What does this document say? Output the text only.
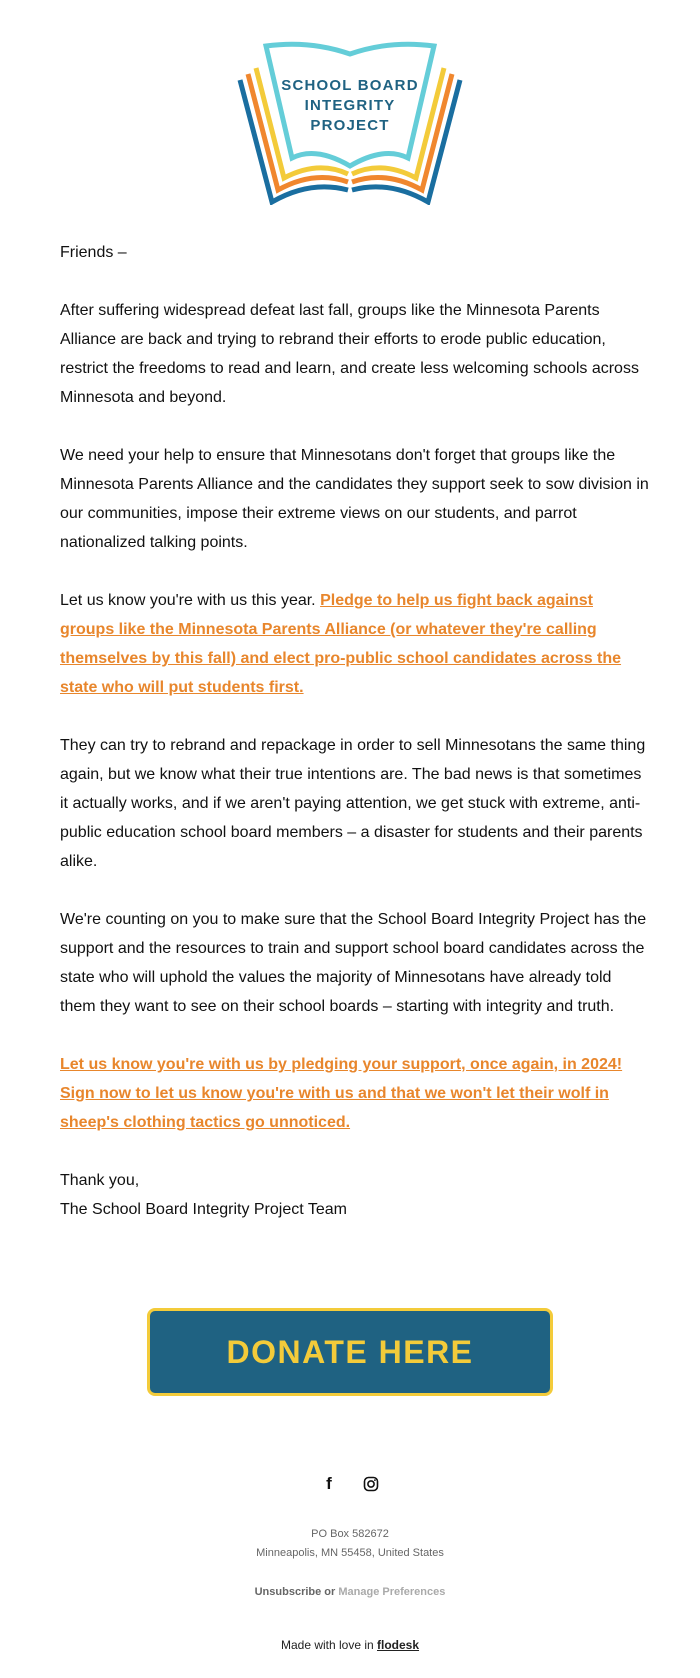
SCHOOL BOARD
INTEGRITY
PROJECT

Friends –

After suffering widespread defeat last fall, groups like the Minnesota Parents Alliance are back and trying to rebrand their efforts to erode public education, restrict the freedoms to read and learn, and create less welcoming schools across Minnesota and beyond.

We need your help to ensure that Minnesotans don't forget that groups like the Minnesota Parents Alliance and the candidates they support seek to sow division in our communities, impose their extreme views on our students, and parrot nationalized talking points.

Let us know you're with us this year. Pledge to help us fight back against groups like the Minnesota Parents Alliance (or whatever they're calling themselves by this fall) and elect pro-public school candidates across the state who will put students first.

They can try to rebrand and repackage in order to sell Minnesotans the same thing again, but we know what their true intentions are. The bad news is that sometimes it actually works, and if we aren't paying attention, we get stuck with extreme, anti-public education school board members – a disaster for students and their parents alike.

We're counting on you to make sure that the School Board Integrity Project has the support and the resources to train and support school board candidates across the state who will uphold the values the majority of Minnesotans have already told them they want to see on their school boards – starting with integrity and truth.

Let us know you're with us by pledging your support, once again, in 2024! Sign now to let us know you're with us and that we won't let their wolf in sheep's clothing tactics go unnoticed.

Thank you,

The School Board Integrity Project Team

DONATE HERE
f
PO Box 582672
Minneapolis, MN 55458, United States
Unsubscribe or Manage Preferences
Made with love in flodesk
